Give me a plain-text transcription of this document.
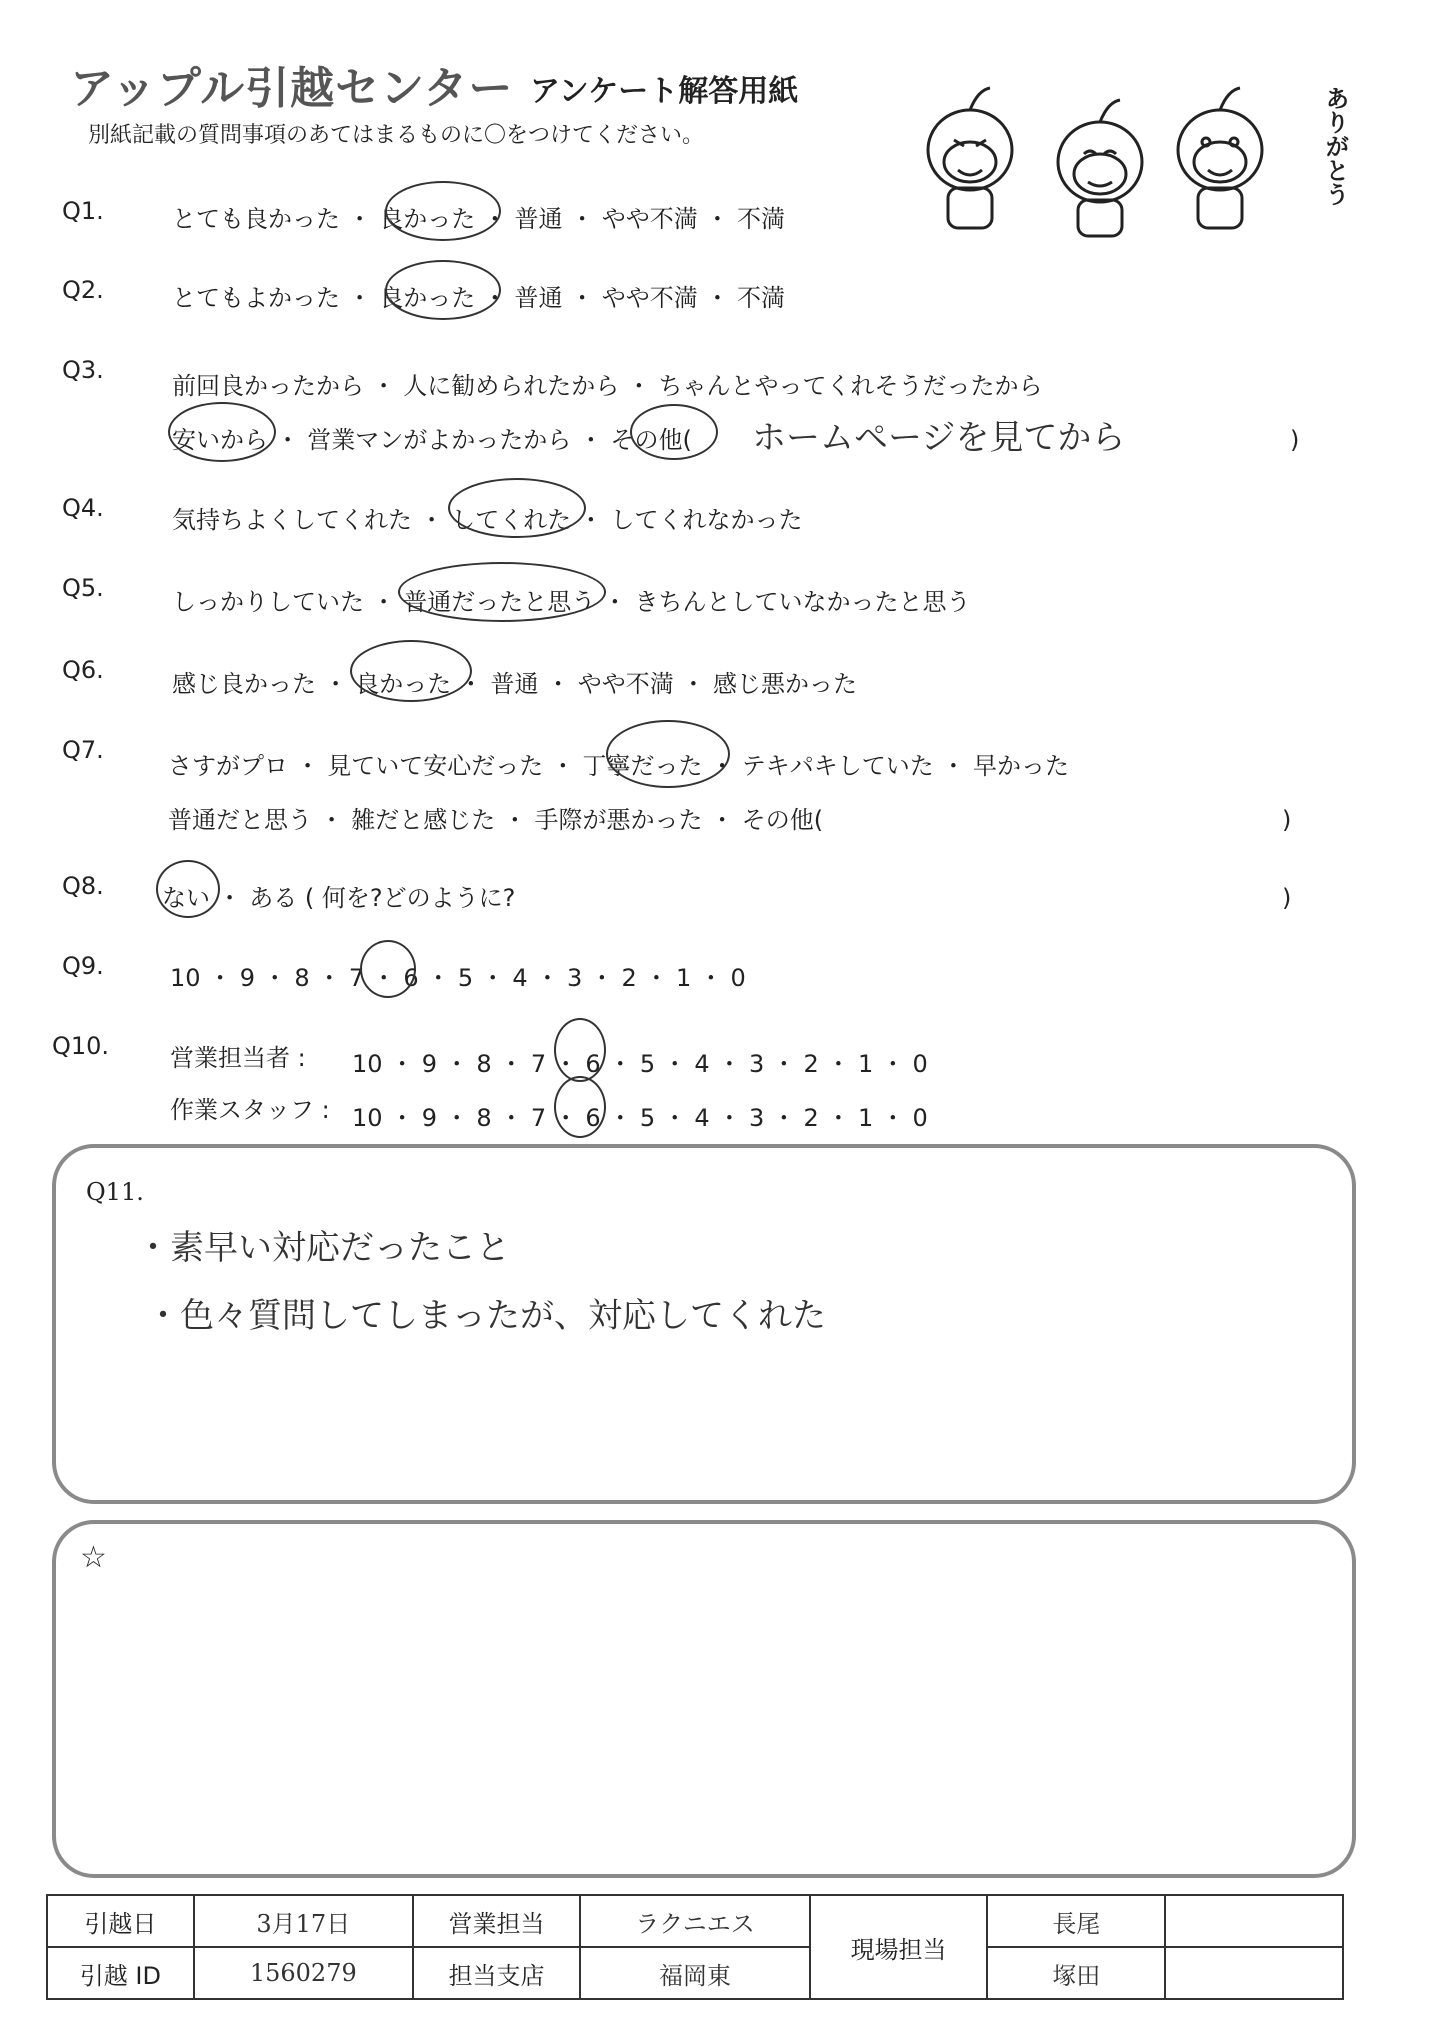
アップル引越センター アンケート解答用紙
別紙記載の質問事項のあてはまるものに〇をつけてください。	ありがとう
Q1.	とても良かった ・ 良かった ・ 普通 ・ やや不満 ・ 不満
Q2.	とてもよかった ・ 良かった ・ 普通 ・ やや不満 ・ 不満
Q3.
前回良かったから ・ 人に勧められたから ・ ちゃんとやってくれそうだったから
安いから ・ 営業マンがよかったから ・ その他( ホームページを見てから	)
Q4.	気持ちよくしてくれた ・ してくれた ・ してくれなかった
Q5.	しっかりしていた ・ 普通だったと思う ・ きちんとしていなかったと思う
Q6.	感じ良かった ・ 良かった ・ 普通 ・ やや不満 ・ 感じ悪かった
Q7.
さすがプロ ・ 見ていて安心だった ・ 丁寧だった ・ テキパキしていた ・ 早かった
普通だと思う ・ 雑だと感じた ・ 手際が悪かった ・ その他(	)
Q8. ない ・ ある ( 何を?どのように?	)
Q9.	10 ・ 9 ・ 8 ・ 7 ・ 6 ・ 5 ・ 4 ・ 3 ・ 2 ・ 1 ・ 0
Q10.	営業担当者 : 10 ・ 9 ・ 8 ・ 7 ・ 6 ・ 5 ・ 4 ・ 3 ・ 2 ・ 1 ・ 0
作業スタッフ : 10 ・ 9 ・ 8 ・ 7 ・ 6 ・ 5 ・ 4 ・ 3 ・ 2 ・ 1 ・ 0
Q11.
・素早い対応だったこと
・色々質問してしまったが、対応してくれた
☆
引越日	3月17日	営業担当	ラクニエス	現場担当	長尾	
引越 ID	1560279	担当支店	福岡東		塚田	
